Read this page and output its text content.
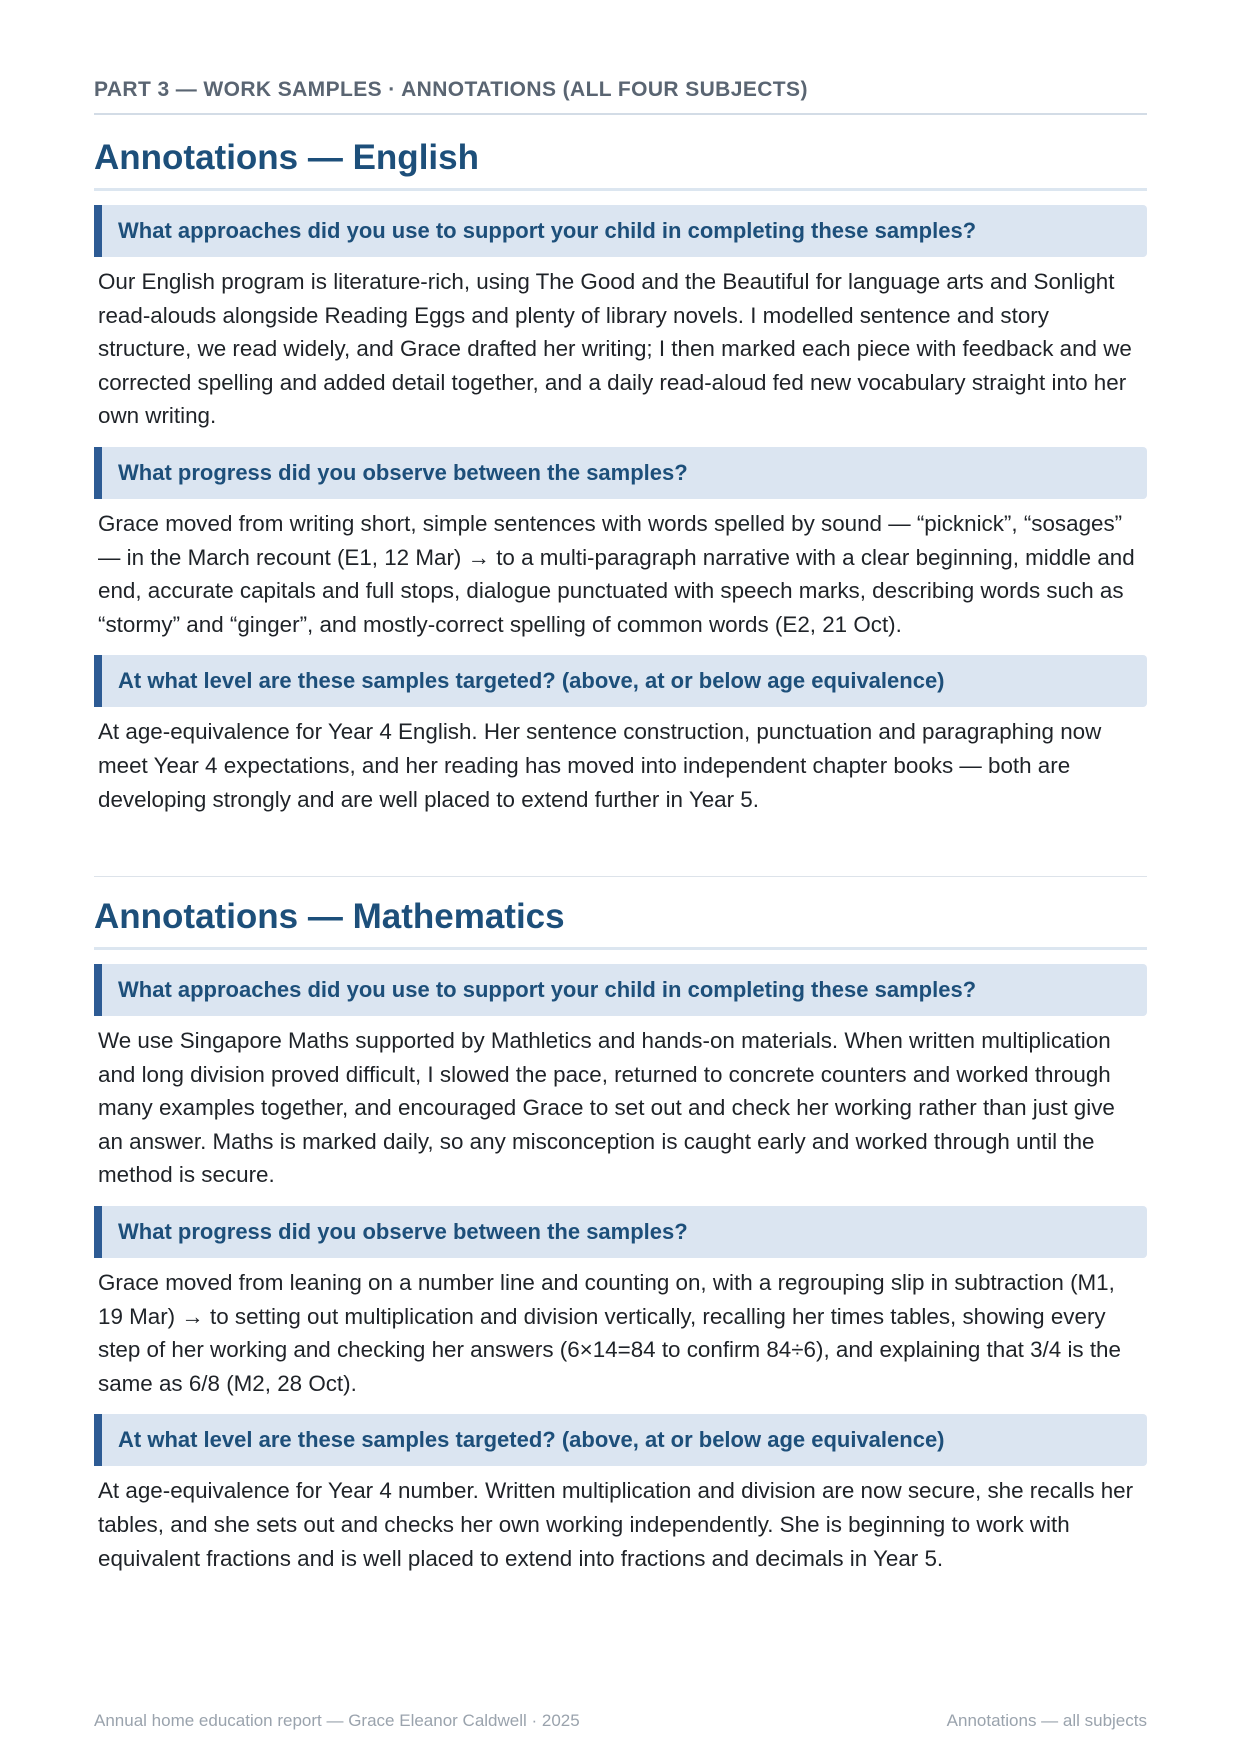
PART 3 — WORK SAMPLES · ANNOTATIONS (ALL FOUR SUBJECTS)
Annotations — English
What approaches did you use to support your child in completing these samples?

Our English program is literature-rich, using The Good and the Beautiful for language arts and Sonlight read-alouds alongside Reading Eggs and plenty of library novels. I modelled sentence and story structure, we read widely, and Grace drafted her writing; I then marked each piece with feedback and we corrected spelling and added detail together, and a daily read-aloud fed new vocabulary straight into her own writing.

What progress did you observe between the samples?

Grace moved from writing short, simple sentences with words spelled by sound — “picknick”, “sosages” — in the March recount (E1, 12 Mar) → to a multi-paragraph narrative with a clear beginning, middle and end, accurate capitals and full stops, dialogue punctuated with speech marks, describing words such as “stormy” and “ginger”, and mostly-correct spelling of common words (E2, 21 Oct).

At what level are these samples targeted? (above, at or below age equivalence)

At age-equivalence for Year 4 English. Her sentence construction, punctuation and paragraphing now meet Year 4 expectations, and her reading has moved into independent chapter books — both are developing strongly and are well placed to extend further in Year 5.

Annotations — Mathematics
What approaches did you use to support your child in completing these samples?

We use Singapore Maths supported by Mathletics and hands-on materials. When written multiplication and long division proved difficult, I slowed the pace, returned to concrete counters and worked through many examples together, and encouraged Grace to set out and check her working rather than just give an answer. Maths is marked daily, so any misconception is caught early and worked through until the method is secure.

What progress did you observe between the samples?

Grace moved from leaning on a number line and counting on, with a regrouping slip in subtraction (M1, 19 Mar) → to setting out multiplication and division vertically, recalling her times tables, showing every step of her working and checking her answers (6×14=84 to confirm 84÷6), and explaining that 3/4 is the same as 6/8 (M2, 28 Oct).

At what level are these samples targeted? (above, at or below age equivalence)

At age-equivalence for Year 4 number. Written multiplication and division are now secure, she recalls her tables, and she sets out and checks her own working independently. She is beginning to work with equivalent fractions and is well placed to extend into fractions and decimals in Year 5.

Annual home education report — Grace Eleanor Caldwell · 2025	Annotations — all subjects
